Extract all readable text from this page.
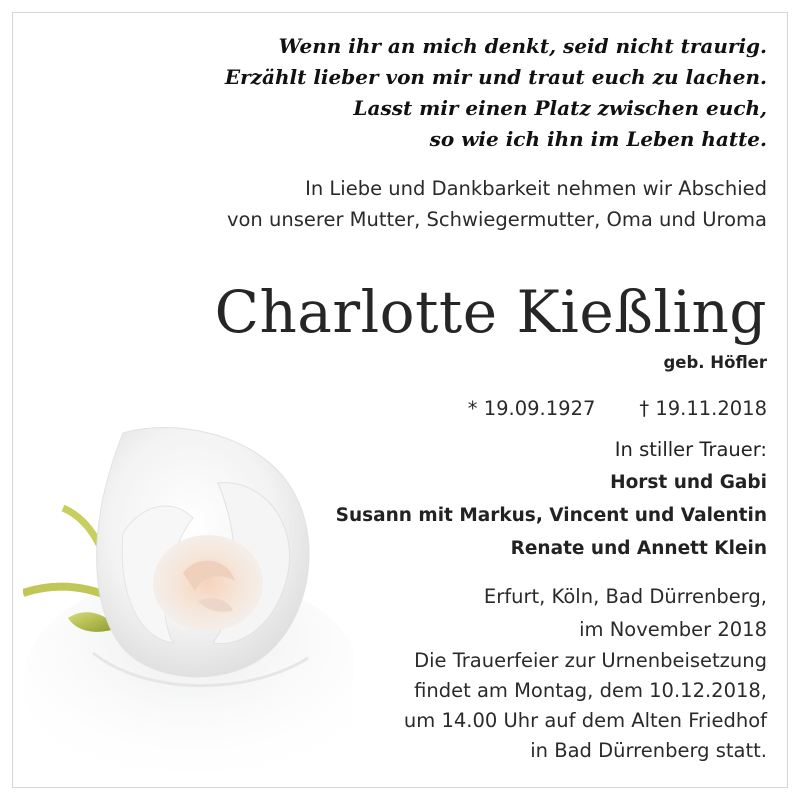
Wenn ihr an mich denkt, seid nicht traurig.
Erzählt lieber von mir und traut euch zu lachen.
Lasst mir einen Platz zwischen euch,
so wie ich ihn im Leben hatte.
In Liebe und Dankbarkeit nehmen wir Abschied
von unserer Mutter, Schwiegermutter, Oma und Uroma
Charlotte Kießling
geb. Höfler
* 19.09.1927 † 19.11.2018
In stiller Trauer:
Horst und Gabi
Susann mit Markus, Vincent und Valentin
Renate und Annett Klein
Erfurt, Köln, Bad Dürrenberg,
im November 2018
Die Trauerfeier zur Urnenbeisetzung
findet am Montag, dem 10.12.2018,
um 14.00 Uhr auf dem Alten Friedhof
in Bad Dürrenberg statt.
